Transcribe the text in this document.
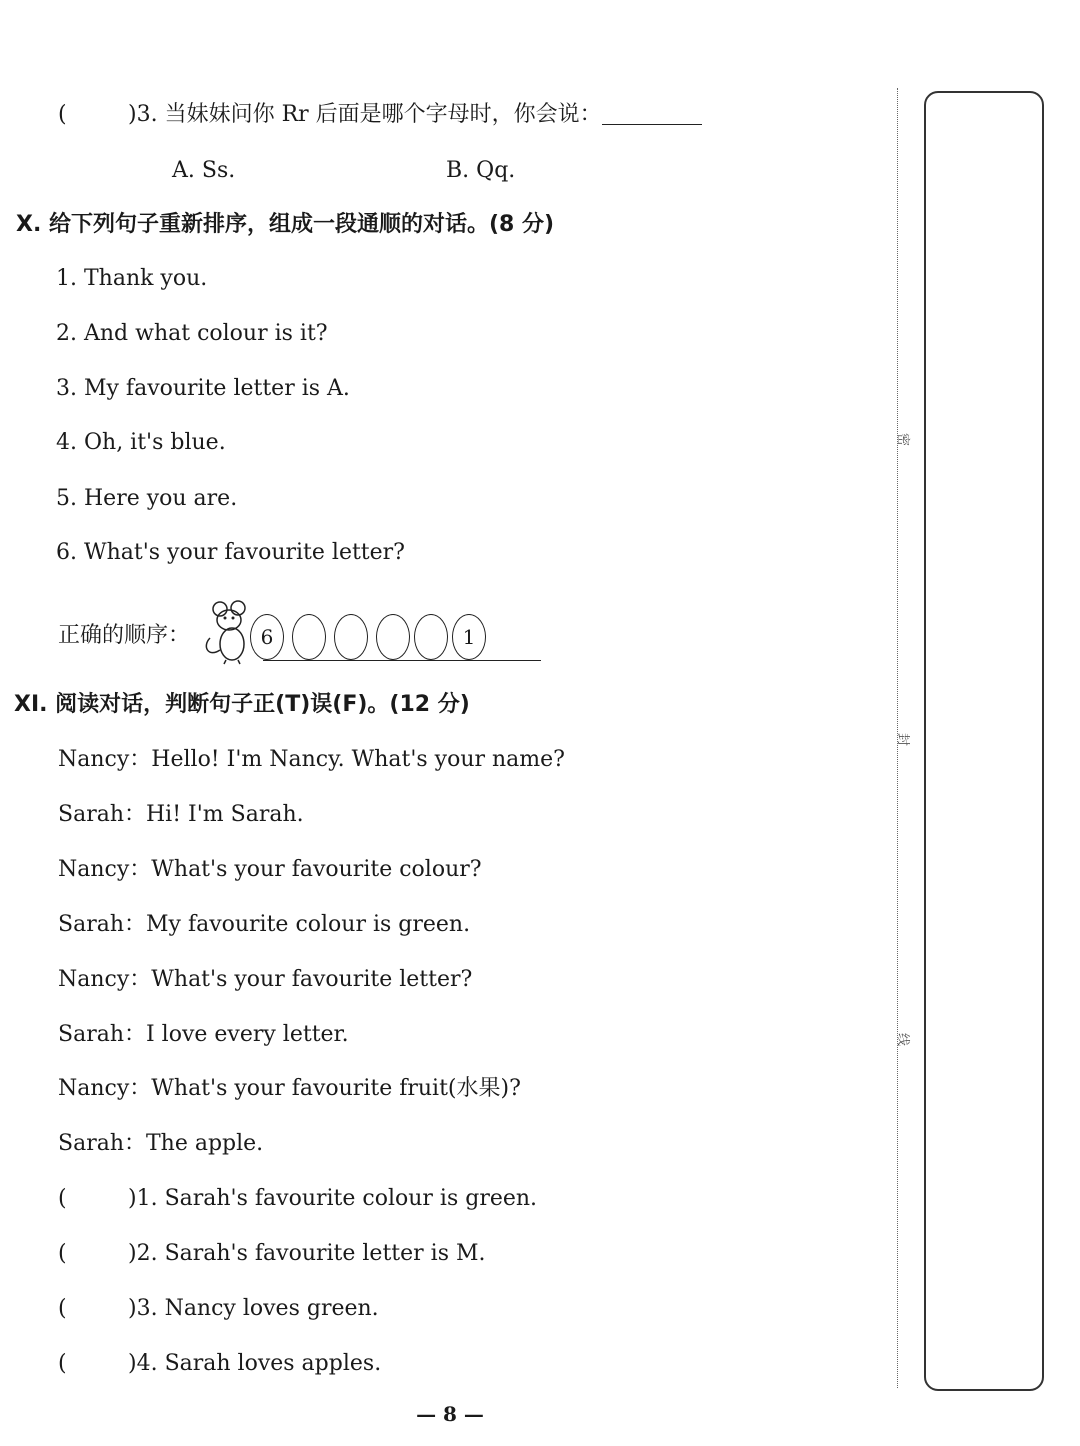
(	)3. 当妹妹问你 Rr 后面是哪个字母时，你会说：
A. Ss.	B. Qq.
X. 给下列句子重新排序，组成一段通顺的对话。(8 分)
1. Thank you.
2. And what colour is it?
3. My favourite letter is A.
4. Oh, it's blue.
5. Here you are.
6. What's your favourite letter?
正确的顺序：	6	1
XI. 阅读对话，判断句子正(T)误(F)。(12 分)
Nancy：Hello! I'm Nancy. What's your name?
Sarah：Hi! I'm Sarah.
Nancy：What's your favourite colour?
Sarah：My favourite colour is green.
Nancy：What's your favourite letter?
Sarah：I love every letter.
Nancy：What's your favourite fruit(水果)?
Sarah：The apple.
(	)1. Sarah's favourite colour is green.
(	)2. Sarah's favourite letter is M.
(	)3. Nancy loves green.
(	)4. Sarah loves apples.
密
封
线
— 8 —
